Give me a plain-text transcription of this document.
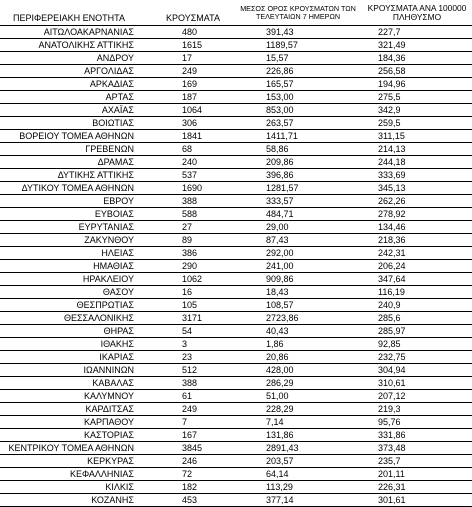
ΠΕΡΙΦΕΡΕΙΑΚΗ ΕΝΟΤΗΤΑ	ΚΡΟΥΣΜΑΤΑ	ΜΕΣΟΣ ΟΡΟΣ ΚΡΟΥΣΜΑΤΩΝ ΤΩΝ ΤΕΛΕΥΤΑΙΩΝ 7 ΗΜΕΡΩΝ	ΚΡΟΥΣΜΑΤΑ ΑΝΑ 100000 ΠΛΗΘΥΣΜΟ
ΑΙΤΩΛΟΑΚΑΡΝΑΝΙΑΣ	480	391,43	227,7
ΑΝΑΤΟΛΙΚΗΣ ΑΤΤΙΚΗΣ	1615	1189,57	321,49
ΑΝΔΡΟΥ	17	15,57	184,36
ΑΡΓΟΛΙΔΑΣ	249	226,86	256,58
ΑΡΚΑΔΙΑΣ	169	165,57	194,96
ΑΡΤΑΣ	187	153,00	275,5
ΑΧΑΪΑΣ	1064	853,00	342,9
ΒΟΙΩΤΙΑΣ	306	263,57	259,5
ΒΟΡΕΙΟΥ ΤΟΜΕΑ ΑΘΗΝΩΝ	1841	1411,71	311,15
ΓΡΕΒΕΝΩΝ	68	58,86	214,13
ΔΡΑΜΑΣ	240	209,86	244,18
ΔΥΤΙΚΗΣ ΑΤΤΙΚΗΣ	537	396,86	333,69
ΔΥΤΙΚΟΥ ΤΟΜΕΑ ΑΘΗΝΩΝ	1690	1281,57	345,13
ΕΒΡΟΥ	388	333,57	262,26
ΕΥΒΟΙΑΣ	588	484,71	278,92
ΕΥΡΥΤΑΝΙΑΣ	27	29,00	134,46
ΖΑΚΥΝΘΟΥ	89	87,43	218,36
ΗΛΕΙΑΣ	386	292,00	242,31
ΗΜΑΘΙΑΣ	290	241,00	206,24
ΗΡΑΚΛΕΙΟΥ	1062	909,86	347,64
ΘΑΣΟΥ	16	18,43	116,19
ΘΕΣΠΡΩΤΙΑΣ	105	108,57	240,9
ΘΕΣΣΑΛΟΝΙΚΗΣ	3171	2723,86	285,6
ΘΗΡΑΣ	54	40,43	285,97
ΙΘΑΚΗΣ	3	1,86	92,85
ΙΚΑΡΙΑΣ	23	20,86	232,75
ΙΩΑΝΝΙΝΩΝ	512	428,00	304,94
ΚΑΒΑΛΑΣ	388	286,29	310,61
ΚΑΛΥΜΝΟΥ	61	51,00	207,12
ΚΑΡΔΙΤΣΑΣ	249	228,29	219,3
ΚΑΡΠΑΘΟΥ	7	7,14	95,76
ΚΑΣΤΟΡΙΑΣ	167	131,86	331,86
ΚΕΝΤΡΙΚΟΥ ΤΟΜΕΑ ΑΘΗΝΩΝ	3845	2891,43	373,48
ΚΕΡΚΥΡΑΣ	246	203,57	235,7
ΚΕΦΑΛΛΗΝΙΑΣ	72	64,14	201,11
ΚΙΛΚΙΣ	182	113,29	226,31
ΚΟΖΑΝΗΣ	453	377,14	301,61
